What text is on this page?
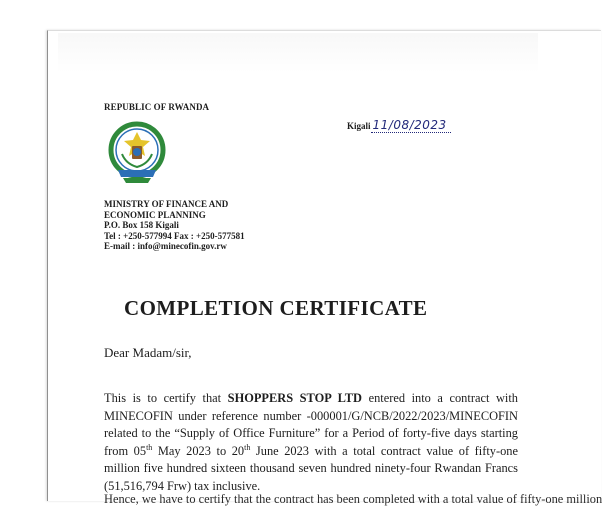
REPUBLIC OF RWANDA
Kigali 11/08/2023
MINISTRY OF FINANCE AND
ECONOMIC PLANNING
P.O. Box 158 Kigali
Tel : +250-577994 Fax : +250-577581
E-mail : info@minecofin.gov.rw
COMPLETION CERTIFICATE
Dear Madam/sir,
This is to certify that SHOPPERS STOP LTD entered into a contract with MINECOFIN under reference number -000001/G/NCB/2022/2023/MINECOFIN related to the “Supply of Office Furniture” for a Period of forty-five days starting from 05th May 2023 to 20th June 2023 with a total contract value of fifty-one million five hundred sixteen thousand seven hundred ninety-four Rwandan Francs (51,516,794 Frw) tax inclusive.
Hence, we have to certify that the contract has been completed with a total value of fifty-one million
